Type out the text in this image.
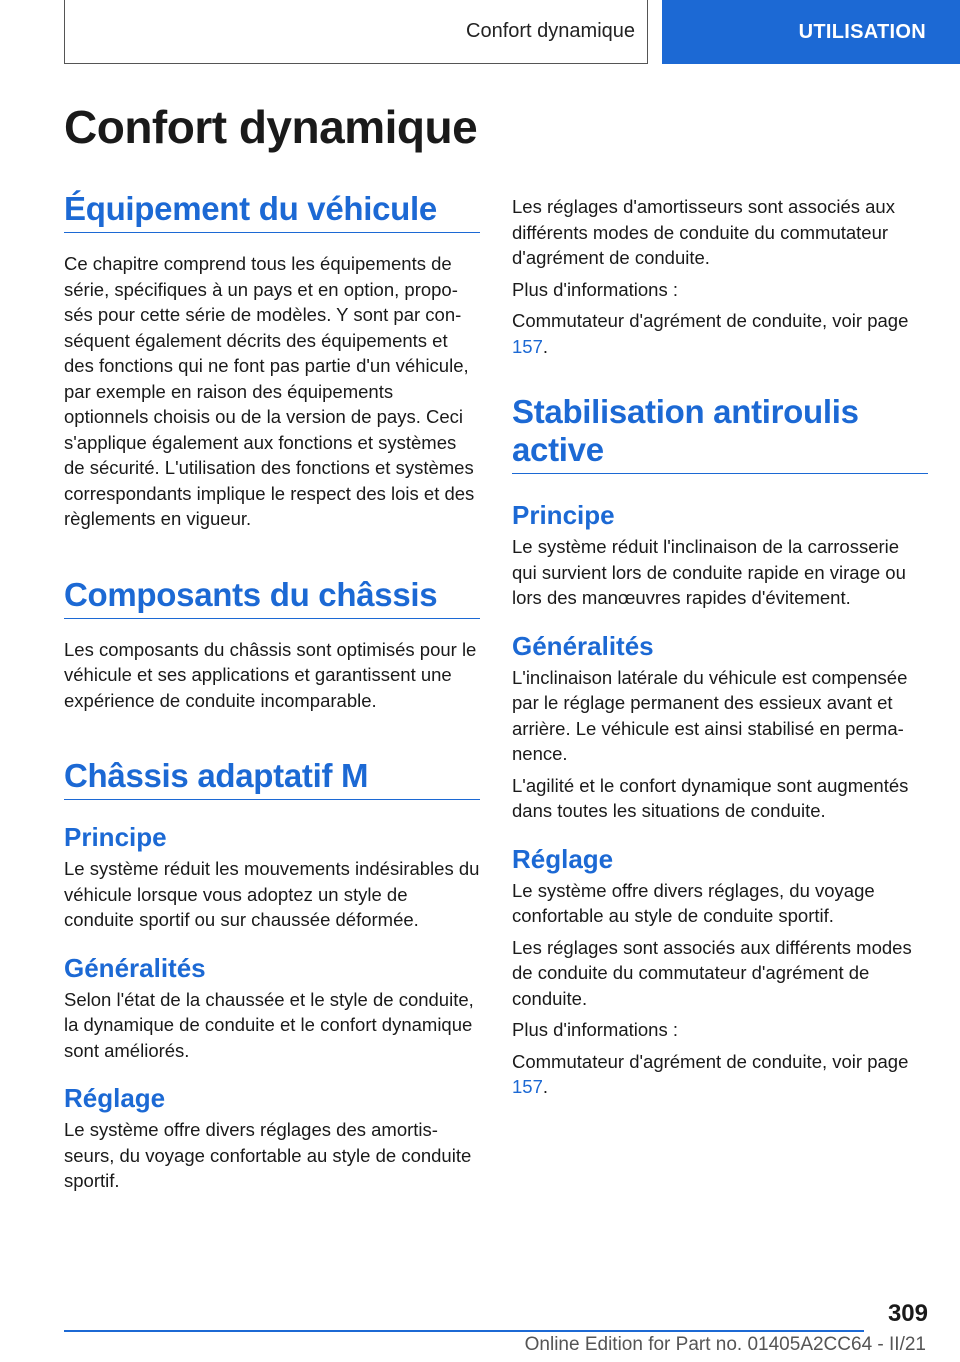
Confort dynamique	UTILISATION
Confort dynamique
Équipement du véhicule

Ce chapitre comprend tous les équipements de série, spécifiques à un pays et en option, proposés pour cette série de modèles. Y sont par conséquent également décrits des équipements et des fonctions qui ne font pas partie d'un véhicule, par exemple en raison des équipements optionnels choisis ou de la version de pays. Ceci s'applique également aux fonctions et systèmes de sécurité. L'utilisation des fonctions et systèmes correspondants implique le respect des lois et des règlements en vigueur.

Composants du châssis

Les composants du châssis sont optimisés pour le véhicule et ses applications et garantissent une expérience de conduite incomparable.

Châssis adaptatif M
Principe

Le système réduit les mouvements indésirables du véhicule lorsque vous adoptez un style de conduite sportif ou sur chaussée déformée.

Généralités

Selon l'état de la chaussée et le style de conduite, la dynamique de conduite et le confort dynamique sont améliorés.

Réglage

Le système offre divers réglages des amortisseurs, du voyage confortable au style de conduite sportif.

Les réglages d'amortisseurs sont associés aux différents modes de conduite du commutateur d'agrément de conduite.

Plus d'informations :

Commutateur d'agrément de conduite, voir page 157.

Stabilisation antiroulis active
Principe

Le système réduit l'inclinaison de la carrosserie qui survient lors de conduite rapide en virage ou lors des manœuvres rapides d'évitement.

Généralités

L'inclinaison latérale du véhicule est compensée par le réglage permanent des essieux avant et arrière. Le véhicule est ainsi stabilisé en permanence.

L'agilité et le confort dynamique sont augmentés dans toutes les situations de conduite.

Réglage

Le système offre divers réglages, du voyage confortable au style de conduite sportif.

Les réglages sont associés aux différents modes de conduite du commutateur d'agrément de conduite.

Plus d'informations :

Commutateur d'agrément de conduite, voir page 157.

309
Online Edition for Part no. 01405A2CC64 - II/21
